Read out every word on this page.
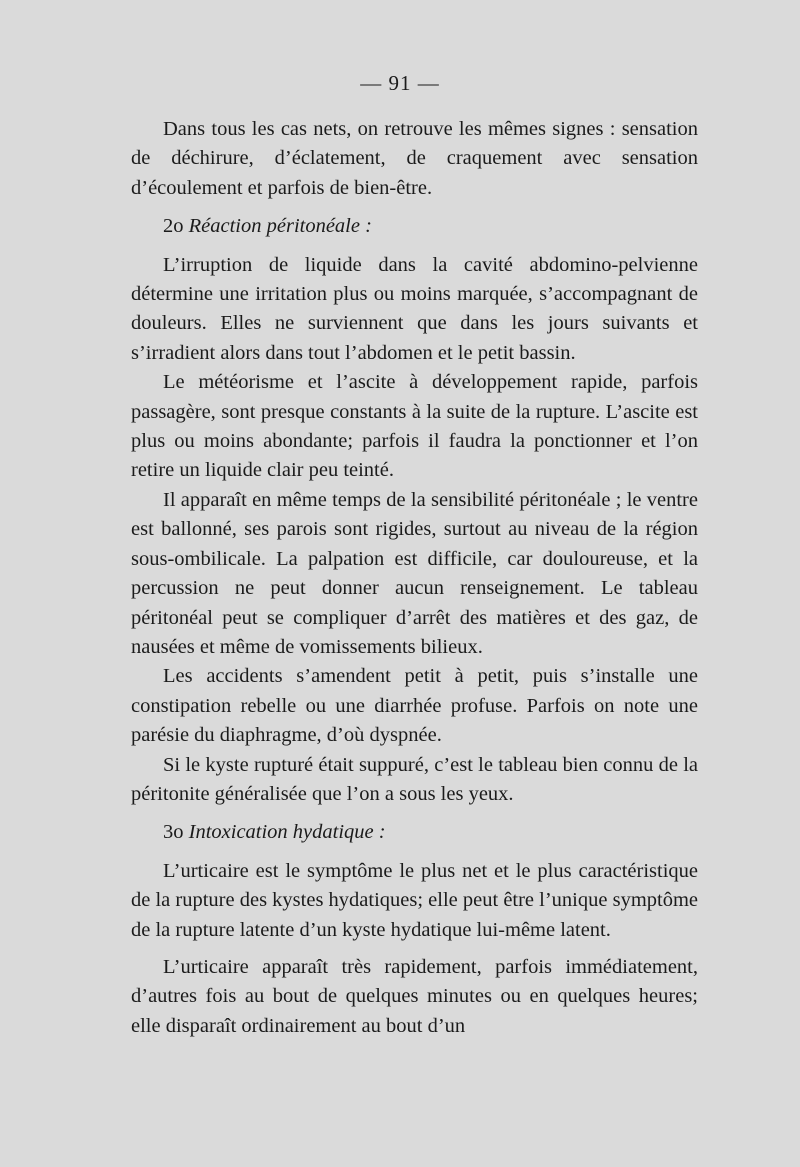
— 91 —

Dans tous les cas nets, on retrouve les mêmes signes : sensation de déchirure, d’éclatement, de craquement avec sensation d’écoulement et parfois de bien-être.

2o Réaction péritonéale :

L’irruption de liquide dans la cavité abdomino-pelvienne détermine une irritation plus ou moins marquée, s’accompagnant de douleurs. Elles ne surviennent que dans les jours suivants et s’irradient alors dans tout l’abdomen et le petit bassin.

Le météorisme et l’ascite à développement rapide, parfois passagère, sont presque constants à la suite de la rupture. L’ascite est plus ou moins abondante; parfois il faudra la ponctionner et l’on retire un liquide clair peu teinté.

Il apparaît en même temps de la sensibilité péritonéale ; le ventre est ballonné, ses parois sont rigides, surtout au niveau de la région sous-ombilicale. La palpation est difficile, car douloureuse, et la percussion ne peut donner aucun renseignement. Le tableau péritonéal peut se compliquer d’arrêt des matières et des gaz, de nausées et même de vomissements bilieux.

Les accidents s’amendent petit à petit, puis s’installe une constipation rebelle ou une diarrhée profuse. Parfois on note une parésie du diaphragme, d’où dyspnée.

Si le kyste rupturé était suppuré, c’est le tableau bien connu de la péritonite généralisée que l’on a sous les yeux.

3o Intoxication hydatique :

L’urticaire est le symptôme le plus net et le plus caractéristique de la rupture des kystes hydatiques; elle peut être l’unique symptôme de la rupture latente d’un kyste hydatique lui-même latent.

L’urticaire apparaît très rapidement, parfois immédiatement, d’autres fois au bout de quelques minutes ou en quelques heures; elle disparaît ordinairement au bout d’un
